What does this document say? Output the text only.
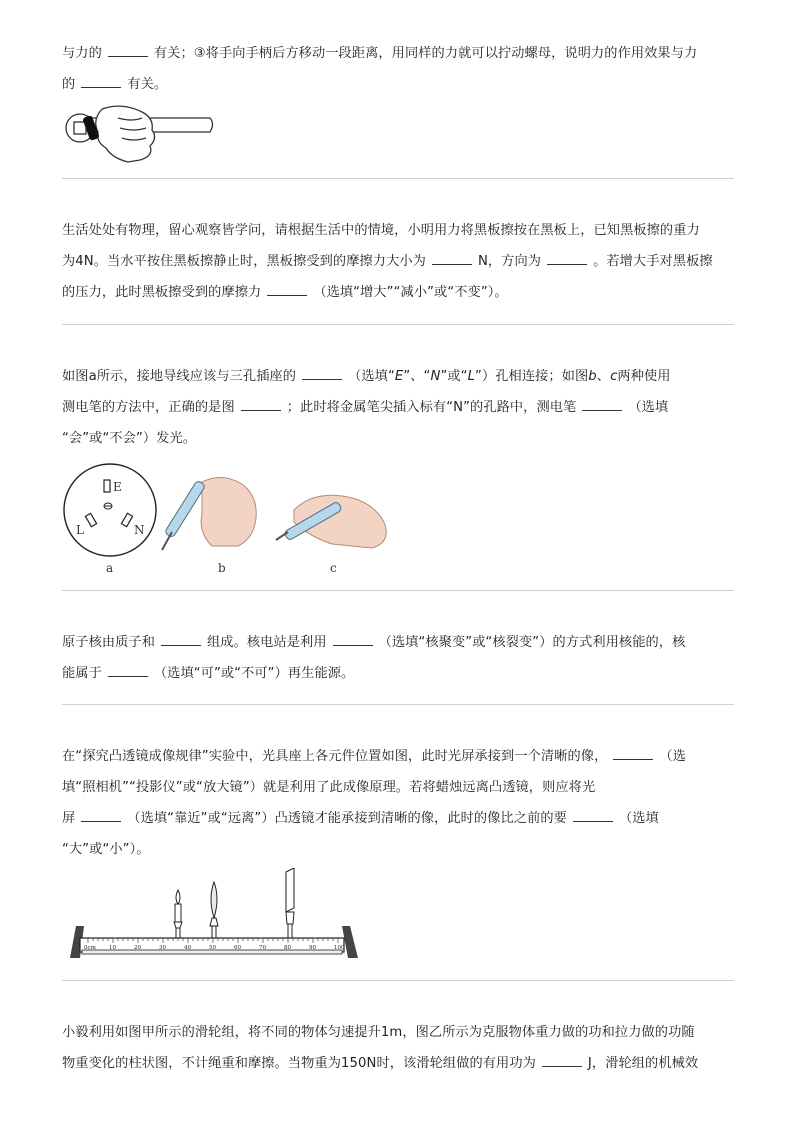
与力的	有关；③将手向手柄后方移动一段距离，用同样的力就可以拧动螺母，说明力的作用效果与力
的	有关。
生活处处有物理，留心观察皆学问，请根据生活中的情境，小明用力将黑板擦按在黑板上，已知黑板擦的重力
为4N。当水平按住黑板擦静止时，黑板擦受到的摩擦力大小为	N，方向为	。若增大手对黑板擦
的压力，此时黑板擦受到的摩擦力	（选填“增大”“减小”或“不变”）。
如图a所示，接地导线应该与三孔插座的	（选填“E”、“N”或“L”）孔相连接；如图b、c两种使用
测电笔的方法中，正确的是图	；此时将金属笔尖插入标有“N”的孔路中，测电笔	（选填
“会”或“不会”）发光。
E
L	N
a	b	c
原子核由质子和	组成。核电站是利用	（选填“核聚变”或“核裂变”）的方式利用核能的，核
能属于	（选填“可”或“不可”）再生能源。
在“探究凸透镜成像规律”实验中，光具座上各元件位置如图，此时光屏承接到一个清晰的像，	（选
填“照相机”“投影仪”或“放大镜”）就是利用了此成像原理。若将蜡烛远离凸透镜，则应将光
屏	（选填“靠近”或“远离”）凸透镜才能承接到清晰的像，此时的像比之前的要	（选填
“大”或“小”）。
0cm 10	20	30	40	50	60	70	80	90	100
小毅利用如图甲所示的滑轮组，将不同的物体匀速提升1m，图乙所示为克服物体重力做的功和拉力做的功随
物重变化的柱状图，不计绳重和摩擦。当物重为150N时，该滑轮组做的有用功为	J，滑轮组的机械效
